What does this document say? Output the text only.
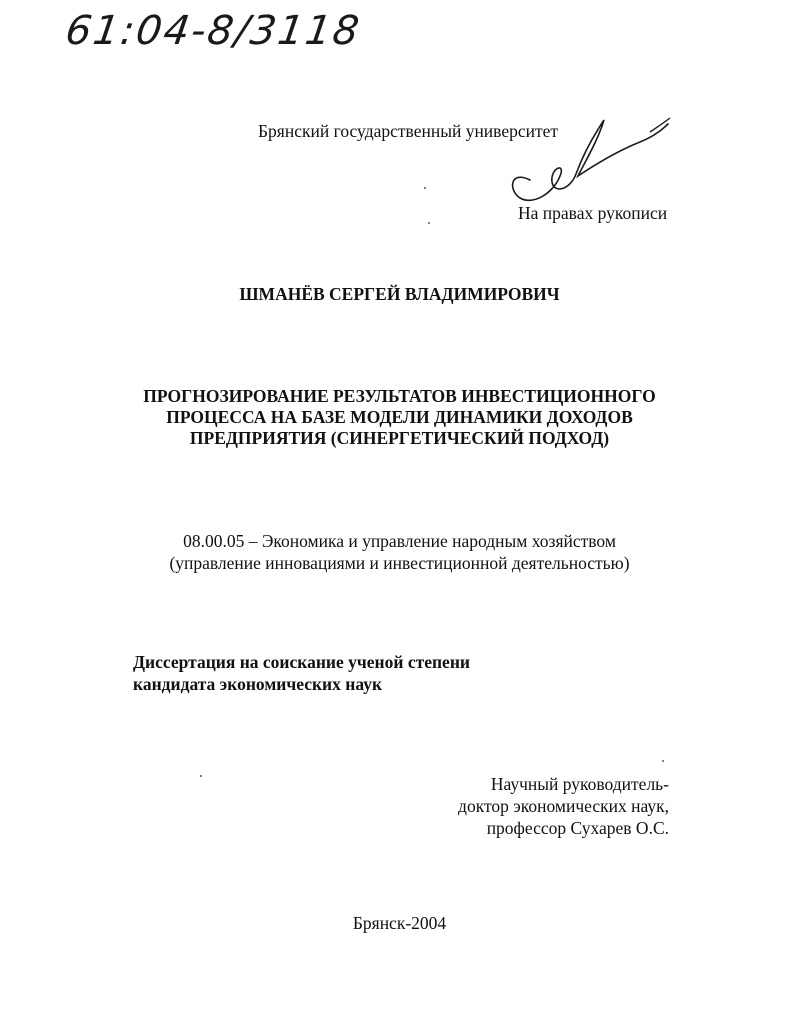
61:04-8/3118
Брянский государственный университет
На правах рукописи
ШМАНЁВ СЕРГЕЙ ВЛАДИМИРОВИЧ
ПРОГНОЗИРОВАНИЕ РЕЗУЛЬТАТОВ ИНВЕСТИЦИОННОГО
ПРОЦЕССА НА БАЗЕ МОДЕЛИ ДИНАМИКИ ДОХОДОВ
ПРЕДПРИЯТИЯ (СИНЕРГЕТИЧЕСКИЙ ПОДХОД)
08.00.05 – Экономика и управление народным хозяйством
(управление инновациями и инвестиционной деятельностью)
Диссертация на соискание ученой степени
кандидата экономических наук
Научный руководитель-
доктор экономических наук,
профессор Сухарев О.С.
Брянск-2004
